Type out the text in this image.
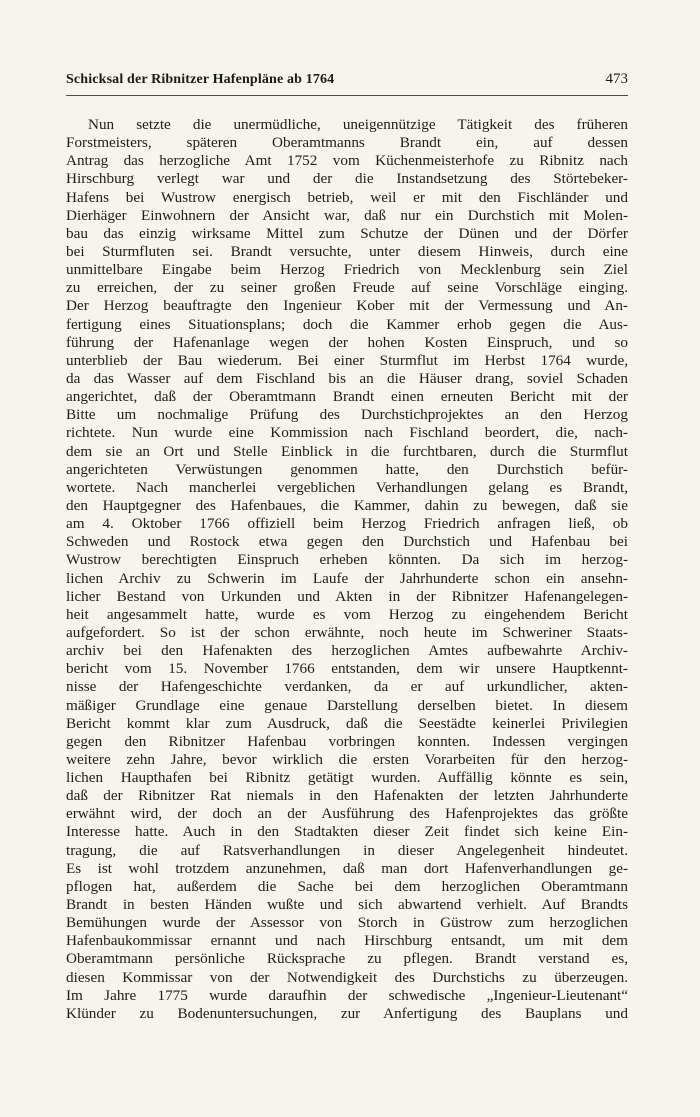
Schicksal der Ribnitzer Hafenpläne ab 1764	473
Nun setzte die unermüdliche, uneigennützige Tätigkeit des früheren
Forstmeisters, späteren Oberamtmanns Brandt ein, auf dessen
Antrag das herzogliche Amt 1752 vom Küchenmeisterhofe zu Ribnitz nach
Hirschburg verlegt war und der die Instandsetzung des Störtebeker-
Hafens bei Wustrow energisch betrieb, weil er mit den Fischländer und
Dierhäger Einwohnern der Ansicht war, daß nur ein Durchstich mit Molen-
bau das einzig wirksame Mittel zum Schutze der Dünen und der Dörfer
bei Sturmfluten sei. Brandt versuchte, unter diesem Hinweis, durch eine
unmittelbare Eingabe beim Herzog Friedrich von Mecklenburg sein Ziel
zu erreichen, der zu seiner großen Freude auf seine Vorschläge einging.
Der Herzog beauftragte den Ingenieur Kober mit der Vermessung und An-
fertigung eines Situationsplans; doch die Kammer erhob gegen die Aus-
führung der Hafenanlage wegen der hohen Kosten Einspruch, und so
unterblieb der Bau wiederum. Bei einer Sturmflut im Herbst 1764 wurde,
da das Wasser auf dem Fischland bis an die Häuser drang, soviel Schaden
angerichtet, daß der Oberamtmann Brandt einen erneuten Bericht mit der
Bitte um nochmalige Prüfung des Durchstichprojektes an den Herzog
richtete. Nun wurde eine Kommission nach Fischland beordert, die, nach-
dem sie an Ort und Stelle Einblick in die furchtbaren, durch die Sturmflut
angerichteten Verwüstungen genommen hatte, den Durchstich befür-
wortete. Nach mancherlei vergeblichen Verhandlungen gelang es Brandt,
den Hauptgegner des Hafenbaues, die Kammer, dahin zu bewegen, daß sie
am 4. Oktober 1766 offiziell beim Herzog Friedrich anfragen ließ, ob
Schweden und Rostock etwa gegen den Durchstich und Hafenbau bei
Wustrow berechtigten Einspruch erheben könnten. Da sich im herzog-
lichen Archiv zu Schwerin im Laufe der Jahrhunderte schon ein ansehn-
licher Bestand von Urkunden und Akten in der Ribnitzer Hafenangelegen-
heit angesammelt hatte, wurde es vom Herzog zu eingehendem Bericht
aufgefordert. So ist der schon erwähnte, noch heute im Schweriner Staats-
archiv bei den Hafenakten des herzoglichen Amtes aufbewahrte Archiv-
bericht vom 15. November 1766 entstanden, dem wir unsere Hauptkennt-
nisse der Hafengeschichte verdanken, da er auf urkundlicher, akten-
mäßiger Grundlage eine genaue Darstellung derselben bietet. In diesem
Bericht kommt klar zum Ausdruck, daß die Seestädte keinerlei Privilegien
gegen den Ribnitzer Hafenbau vorbringen konnten. Indessen vergingen
weitere zehn Jahre, bevor wirklich die ersten Vorarbeiten für den herzog-
lichen Haupthafen bei Ribnitz getätigt wurden. Auffällig könnte es sein,
daß der Ribnitzer Rat niemals in den Hafenakten der letzten Jahrhunderte
erwähnt wird, der doch an der Ausführung des Hafenprojektes das größte
Interesse hatte. Auch in den Stadtakten dieser Zeit findet sich keine Ein-
tragung, die auf Ratsverhandlungen in dieser Angelegenheit hindeutet.
Es ist wohl trotzdem anzunehmen, daß man dort Hafenverhandlungen ge-
pflogen hat, außerdem die Sache bei dem herzoglichen Oberamtmann
Brandt in besten Händen wußte und sich abwartend verhielt. Auf Brandts
Bemühungen wurde der Assessor von Storch in Güstrow zum herzoglichen
Hafenbaukommissar ernannt und nach Hirschburg entsandt, um mit dem
Oberamtmann persönliche Rücksprache zu pflegen. Brandt verstand es,
diesen Kommissar von der Notwendigkeit des Durchstichs zu überzeugen.
Im Jahre 1775 wurde daraufhin der schwedische „Ingenieur-Lieutenant“
Klünder zu Bodenuntersuchungen, zur Anfertigung des Bauplans und
